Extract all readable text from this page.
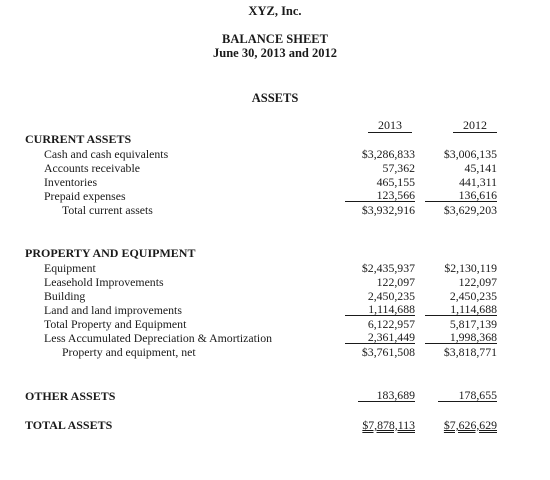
XYZ, Inc.
BALANCE SHEET
June 30, 2013 and 2012
ASSETS
2013	2012
CURRENT ASSETS
Cash and cash equivalents	$3,286,833	$3,006,135
Accounts receivable	57,362	45,141
Inventories	465,155	441,311
Prepaid expenses	123,566	136,616
Total current assets	$3,932,916	$3,629,203
PROPERTY AND EQUIPMENT
Equipment	$2,435,937	$2,130,119
Leasehold Improvements	122,097	122,097
Building	2,450,235	2,450,235
Land and land improvements	1,114,688	1,114,688
Total Property and Equipment	6,122,957	5,817,139
Less Accumulated Depreciation & Amortization	2,361,449	1,998,368
Property and equipment, net	$3,761,508	$3,818,771
OTHER ASSETS	183,689	178,655
TOTAL ASSETS	$7,878,113	$7,626,629
